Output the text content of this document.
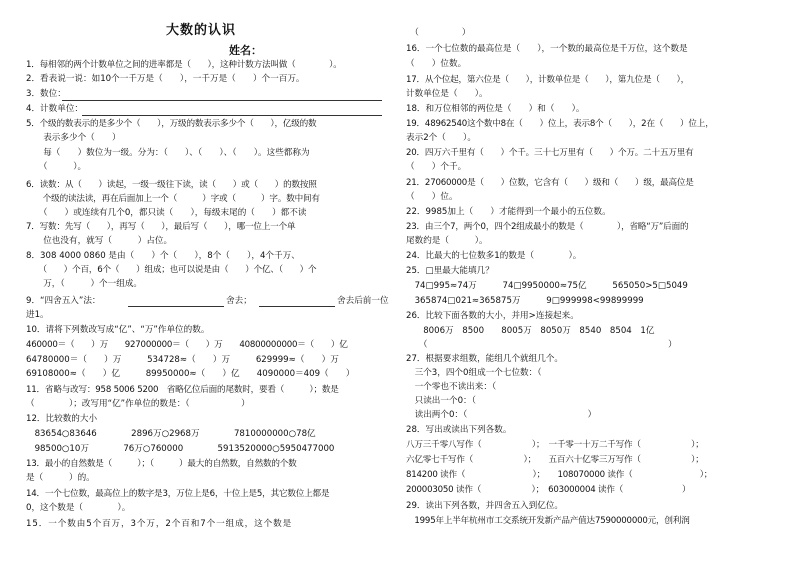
大数的认识
姓名：
1．每相邻的两个计数单位之间的进率都是（　　），这种计数方法叫做（　　　　）。
2．看表说一说：如10个一千万是（　　），一千万是（　　）个一百万。
3．数位：
4．计数单位：
5．个级的数表示的是多少个（　　），万级的数表示多少个（　　），亿级的数
　　表示多少个（　　）
　　每（　　）数位为一级。分为：（　　）、（　　）、（　　）。这些都称为
　　（　　　）。
6．读数：从（　　）读起，一级一级往下读，读（　　）或（　　）的数按照
　　个级的读法读，再在后面加上一个（　　　）字或（　　　）字。数中间有
　　（　　）或连续有几个0，都只读（　　），每级末尾的（　　）都不读
7．写数：先写（　　），再写（　　），最后写（　　），哪一位上一个单
　　位也没有，就写（　　　）占位。
8．308 4000 0860 是由（　　）个（　　），8个（　　），4个千万、
　　（　　）个百，6个（　　）组成；也可以说是由（　　）个亿、（　　）个
　　万，（　　　）个一组成。
9．“四舍五入”法：	舍去；	舍去后前一位
进1。
10．请将下列数改写成“亿”、“万”作单位的数。
460000＝（　　）万　　927000000＝（　　）万　　40800000000＝（　　）亿
64780000＝（　　）万　　　534728≈（　　）万　　　629999≈（　　）万
69108000≈（　　）亿　　　89950000≈（　　）亿　　4090000＝409（　　）
11．省略与改写：958 5006 5200　省略亿位后面的尾数时，要看（　　　）；数是
（　　　　）；改写用“亿”作单位的数是：（　　　　　　）
12．比较数的大小
　83654○83646　　　　2896万○2968万　　　　7810000000○78亿
　98500○10万　　　　76万○760000　　　　5913520000○5950477000
13．最小的自然数是（　　　）；（　　　）最大的自然数，自然数的个数
是（　　　）的。
14．一个七位数，最高位上的数字是3，万位上是6，十位上是5，其它数位上都是
0，这个数是（　　　　）。
15．一个数由5个百万，3个万，2个百和7个一组成，这个数是
　（　　　　　）
16．一个七位数的最高位是（　　），一个数的最高位是千万位，这个数是
（　　）位数。
17．从个位起，第六位是（　　），计数单位是（　　），第九位是（　　），
计数单位是（　　）。
18．和万位相邻的两位是（　　）和（　　）。
19．48962540这个数中8在（　　）位上，表示8个（　　），2在（　　）位上，
表示2个（　　）。
20．四万六千里有（　　）个千。三十七万里有（　　）个万。二十五万里有
（　　）个千。
21．27060000是（　　）位数，它含有（　　）级和（　　）级，最高位是
（　　）位。
22．9985加上（　　）才能得到一个最小的五位数。
23．由三个7，两个0，四个2组成最小的数是（　　　　），省略“万”后面的
尾数约是（　　　）。
24．比最大的七位数多1的数是（　　　　）。
25．□里最大能填几？
　74□995≈74万　　　74□9950000≈75亿　　　565050>5□5049
　365874□021≈365875万　　　9□999998<99899999
26．比较下面各数的大小，并用>连接起来。
　　8006万　8500　　8005万　8050万　8540　8504　1亿
　　（　　　　　　　　　　　　　　　　　　　　　　　　　　　　）
27．根据要求组数，能组几个就组几个。
　三个3，四个0组成一个七位数：（
　一个零也不读出来：（
　只读出一个0：（
　读出两个0：（　　　　　　　　　　　　　　）
28．写出或读出下列各数。
八万三千零八写作（　　　　　　）；　一千零一十万二千写作（　　　　　　）；
六亿零七千写作（　　　　　　）；　　五百六十亿零三万写作（　　　　　　）；
814200 读作（　　　　　　　　）；　　108070000 读作（　　　　　　　　）；
200003050 读作（　　　　　　）；　603000004 读作（　　　　　　　）
29．读出下列各数，并四舍五入到亿位。
　1995年上半年杭州市工交系统开发新产品产值达7590000000元，创利润
